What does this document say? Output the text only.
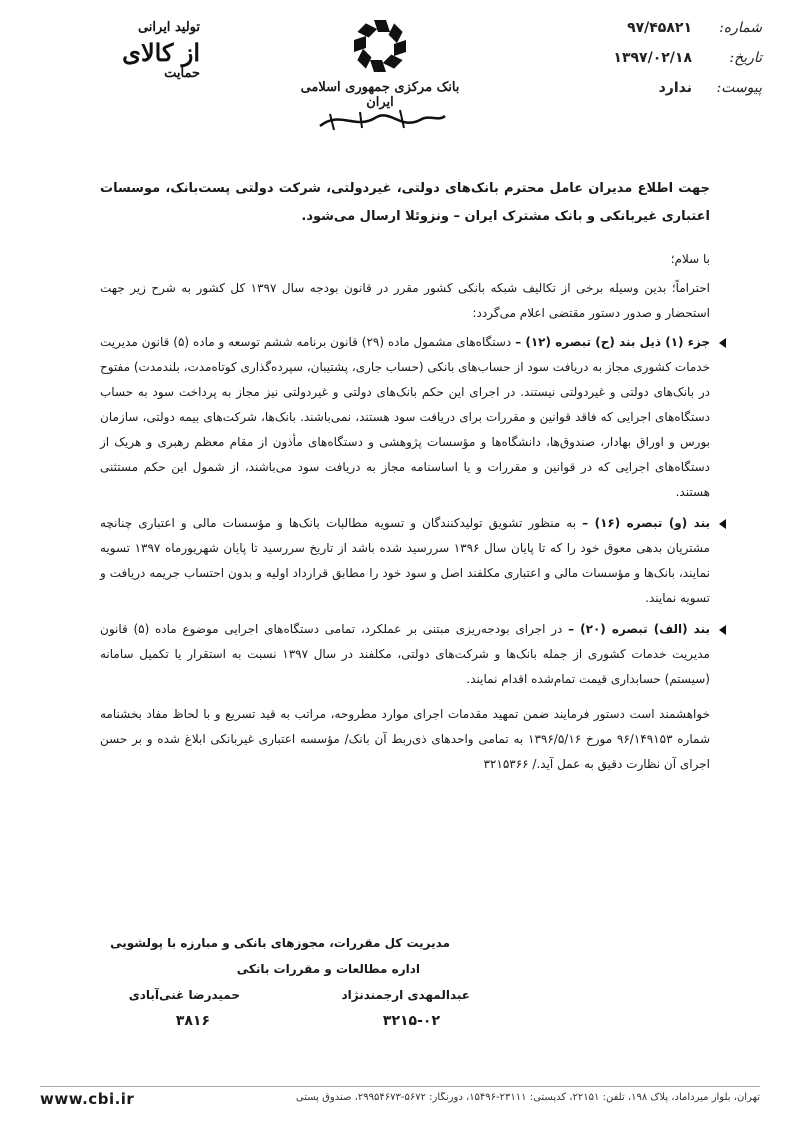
شماره:
۹۷/۴۵۸۲۱
تاریخ:
۱۳۹۷/۰۲/۱۸
پیوست:
ندارد
بانک مرکزی جمهوری اسلامی ایران
تولید ایرانی
از کالای
حمایت

جهت اطلاع مدیران عامل محترم بانک‌های دولتی، غیردولتی، شرکت دولتی پست‌بانک، موسسات اعتباری غیربانکی و بانک مشترک ایران – ونزوئلا ارسال می‌شود.

با سلام؛

احتراماً؛ بدین وسیله برخی از تکالیف شبکه بانکی کشور مقرر در قانون بودجه سال ۱۳۹۷ کل کشور به شرح زیر جهت استحضار و صدور دستور مقتضی اعلام می‌گردد:

جزء (۱) ذیل بند (ح) تبصره (۱۲) – دستگاه‌های مشمول ماده (۲۹) قانون برنامه ششم توسعه و ماده (۵) قانون مدیریت خدمات کشوری مجاز به دریافت سود از حساب‌های بانکی (حساب جاری، پشتیبان، سپرده‌گذاری کوتاه‌مدت، بلندمدت) مفتوح در بانک‌های دولتی و غیردولتی نیستند. در اجرای این حکم بانک‌های دولتی و غیردولتی نیز مجاز به پرداخت سود به حساب دستگاه‌های اجرایی که فاقد قوانین و مقررات برای دریافت سود هستند، نمی‌باشند. بانک‌ها، شرکت‌های بیمه دولتی، سازمان بورس و اوراق بهادار، صندوق‌ها، دانشگاه‌ها و مؤسسات پژوهشی و دستگاه‌های مأذون از مقام معظم رهبری و هریک از دستگاه‌های اجرایی که در قوانین و مقررات و یا اساسنامه مجاز به دریافت سود می‌باشند، از شمول این حکم مستثنی هستند.
بند (و) تبصره (۱۶) – به منظور تشویق تولیدکنندگان و تسویه مطالبات بانک‌ها و مؤسسات مالی و اعتباری چنانچه مشتریان بدهی معوق خود را که تا پایان سال ۱۳۹۶ سررسید شده باشد از تاریخ سررسید تا پایان شهریورماه ۱۳۹۷ تسویه نمایند، بانک‌ها و مؤسسات مالی و اعتباری مکلفند اصل و سود خود را مطابق قرارداد اولیه و بدون احتساب جریمه دریافت و تسویه نمایند.
بند (الف) تبصره (۲۰) – در اجرای بودجه‌ریزی مبتنی بر عملکرد، تمامی دستگاه‌های اجرایی موضوع ماده (۵) قانون مدیریت خدمات کشوری از جمله بانک‌ها و شرکت‌های دولتی، مکلفند در سال ۱۳۹۷ نسبت به استقرار یا تکمیل سامانه (سیستم) حسابداری قیمت تمام‌شده اقدام نمایند.

خواهشمند است دستور فرمایند ضمن تمهید مقدمات اجرای موارد مطروحه، مراتب به قید تسریع و با لحاظ مفاد بخشنامه شماره ۹۶/۱۴۹۱۵۳ مورخ ۱۳۹۶/۵/۱۶ به تمامی واحدهای ذی‌ربط آن بانک/ مؤسسه اعتباری غیربانکی ابلاغ شده و بر حسن اجرای آن نظارت دقیق به عمل آید./ ۳۲۱۵۳۶۶

مدیریت کل مقررات، مجوزهای بانکی و مبارزه با پولشویی
اداره مطالعات و مقررات بانکی
عبدالمهدی ارجمندنژاد
حمیدرضا غنی‌آبادی
۳۲۱۵-۰۲
۳۸۱۶
تهران، بلوار میرداماد، پلاک ۱۹۸، تلفن: ۲۲۱۵۱، کدپستی: ۲۳۱۱۱-۱۵۴۹۶، دورنگار: ۵۶۷۲-۲۹۹۵۴۶۷۳، صندوق پستی
www.cbi.ir
